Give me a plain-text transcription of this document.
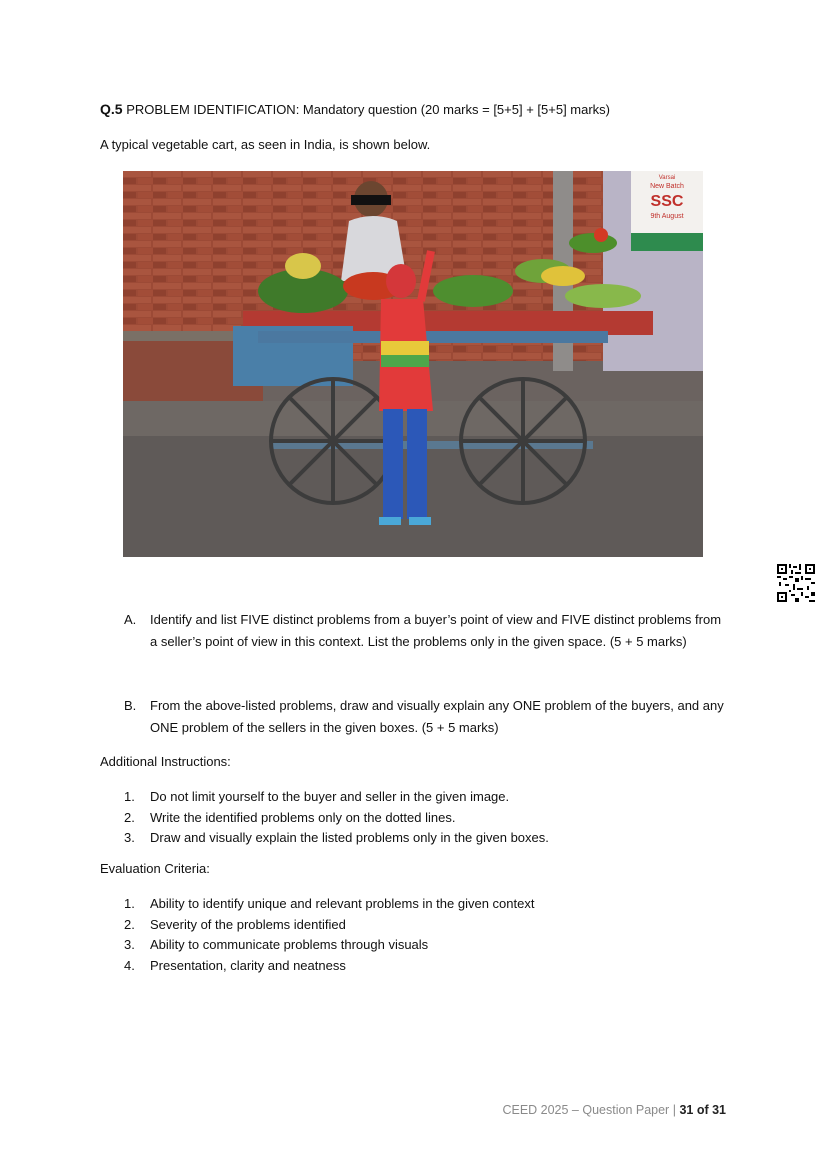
Q.5 PROBLEM IDENTIFICATION: Mandatory question (20 marks = [5+5] + [5+5] marks)
A typical vegetable cart, as seen in India, is shown below.
Varsai
New Batch
SSC
9th August
A. Identify and list FIVE distinct problems from a buyer’s point of view and FIVE distinct problems from a seller’s point of view in this context. List the problems only in the given space. (5 + 5 marks)
B. From the above-listed problems, draw and visually explain any ONE problem of the buyers, and any ONE problem of the sellers in the given boxes. (5 + 5 marks)
Additional Instructions:
1. Do not limit yourself to the buyer and seller in the given image.
2. Write the identified problems only on the dotted lines.
3. Draw and visually explain the listed problems only in the given boxes.
Evaluation Criteria:
1. Ability to identify unique and relevant problems in the given context
2. Severity of the problems identified
3. Ability to communicate problems through visuals
4. Presentation, clarity and neatness
CEED 2025 – Question Paper | 31 of 31
